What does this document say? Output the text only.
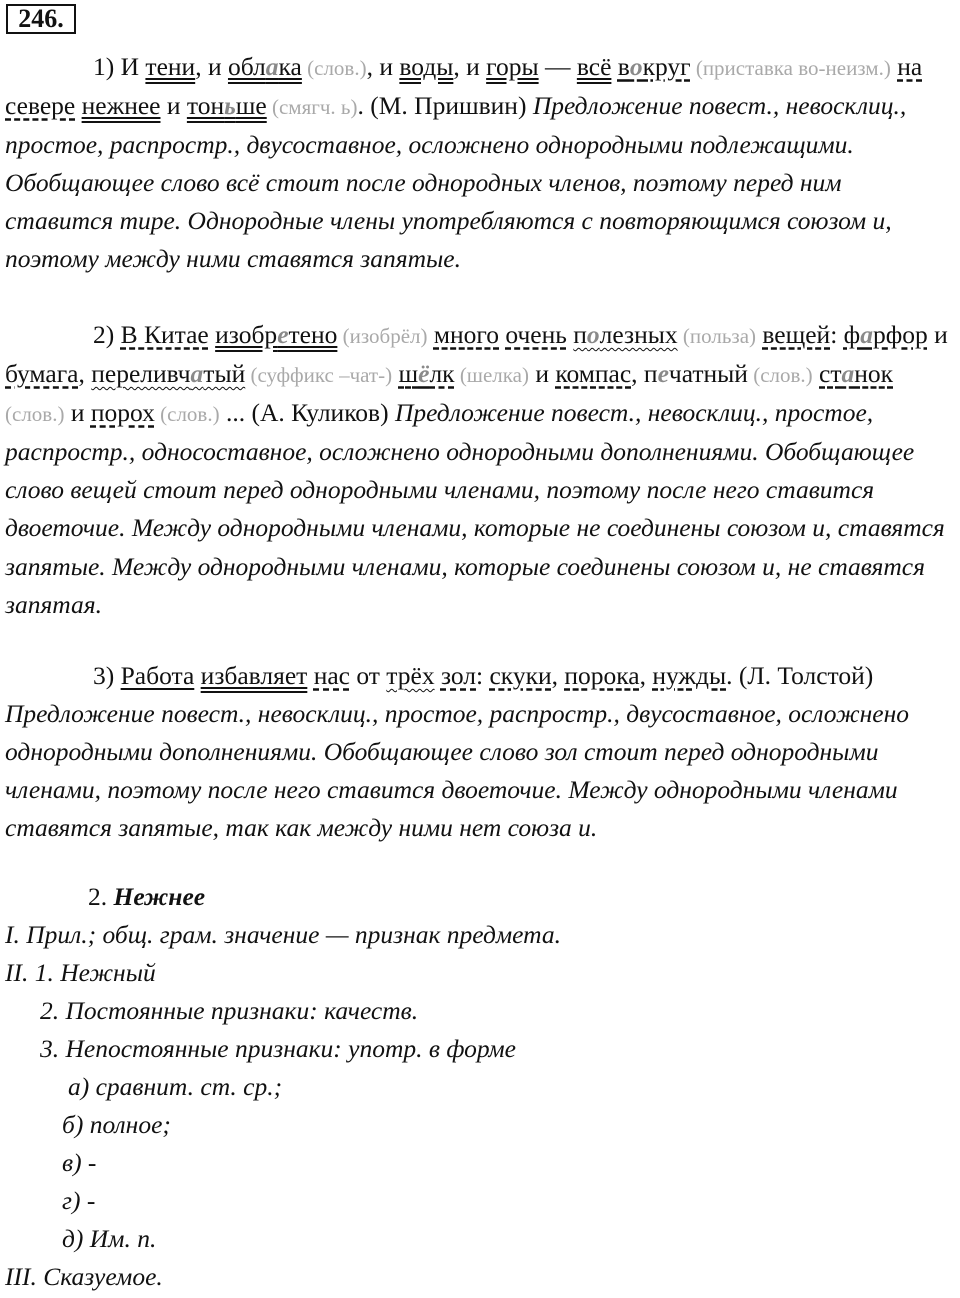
246.

1) И тени, и облака (слов.), и воды, и горы — всё вокруг (приставка во-неизм.) на севере нежнее и тоньше (смягч. ь). (М. Пришвин) Предложение повест., невосклиц., простое, распростр., двусоставное, осложнено однородными подлежащими. Обобщающее слово всё стоит после однородных членов, поэтому перед ним ставится тире. Однородные члены употребляются с повторяющимся союзом и, поэтому между ними ставятся запятые.

2) В Китае изобретено (изобрёл) много очень полезных (польза) вещей: фарфор и бумага, переливчатый (суффикс –чат-) шёлк (шелка) и компас, печатный (слов.) станок (слов.) и порох (слов.) ... (А. Куликов) Предложение повест., невосклиц., простое, распростр., односоставное, осложнено однородными дополнениями. Обобщающее слово вещей стоит перед однородными членами, поэтому после него ставится двоеточие. Между однородными членами, которые не соединены союзом и, ставятся запятые. Между однородными членами, которые соединены союзом и, не ставятся запятая.

3) Работа избавляет нас от трёх зол: скуки, порока, нужды. (Л. Толстой) Предложение повест., невосклиц., простое, распростр., двусоставное, осложнено однородными дополнениями. Обобщающее слово зол стоит перед однородными членами, поэтому после него ставится двоеточие. Между однородными членами ставятся запятые, так как между ними нет союза и.

2. Нежнее
I. Прил.; общ. грам. значение — признак предмета.
II. 1. Нежный
2. Постоянные признаки: качеств.
3. Непостоянные признаки: употр. в форме
а) сравнит. ст. ср.;
б) полное;
в) -
г) -
д) Им. п.
III. Сказуемое.
